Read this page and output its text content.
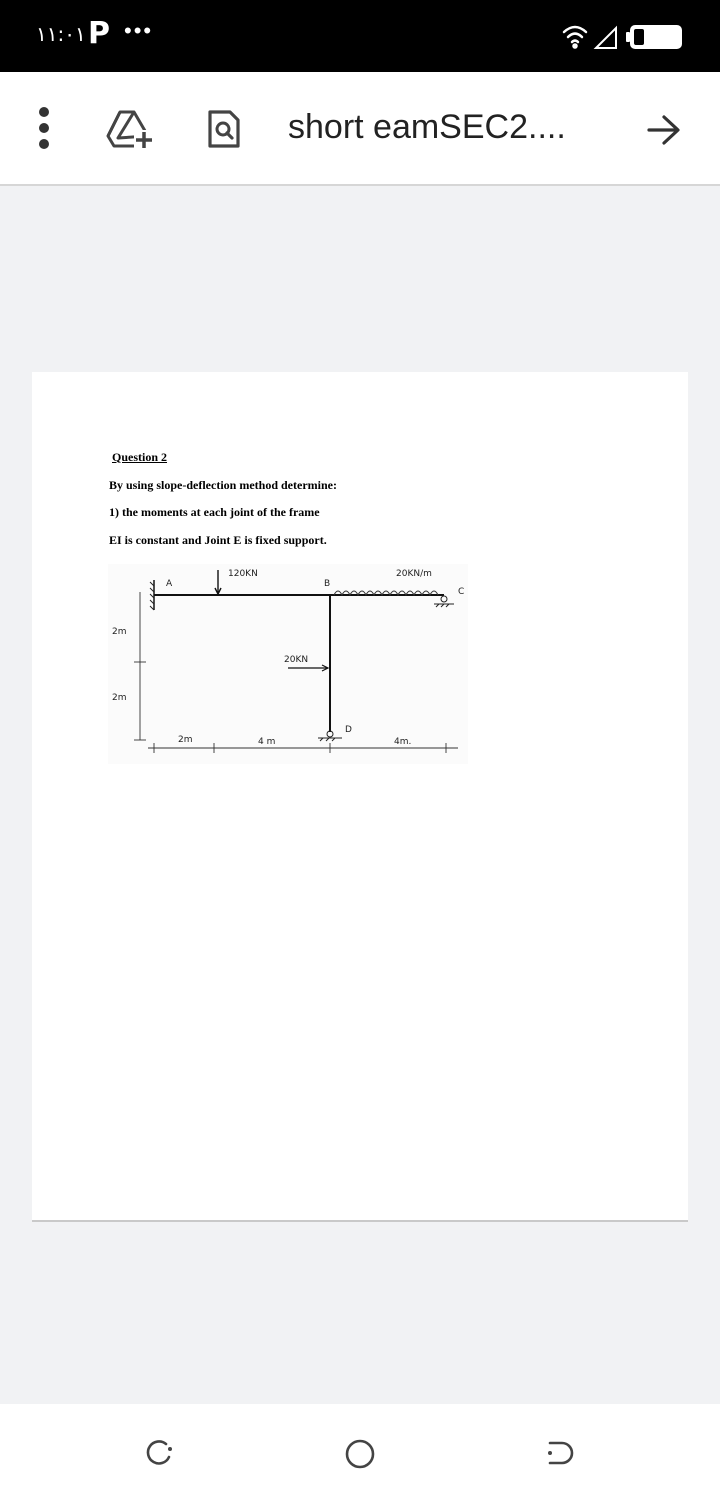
١١:٠١ P •••
short eamSEC2....
Question 2
By using slope-deflection method determine:
1) the moments at each joint of the frame
EI is constant and Joint E is fixed support.
120KN	20KN/m
20KN
A	B
C
D
2m
2m
2m	4 m	4m.
